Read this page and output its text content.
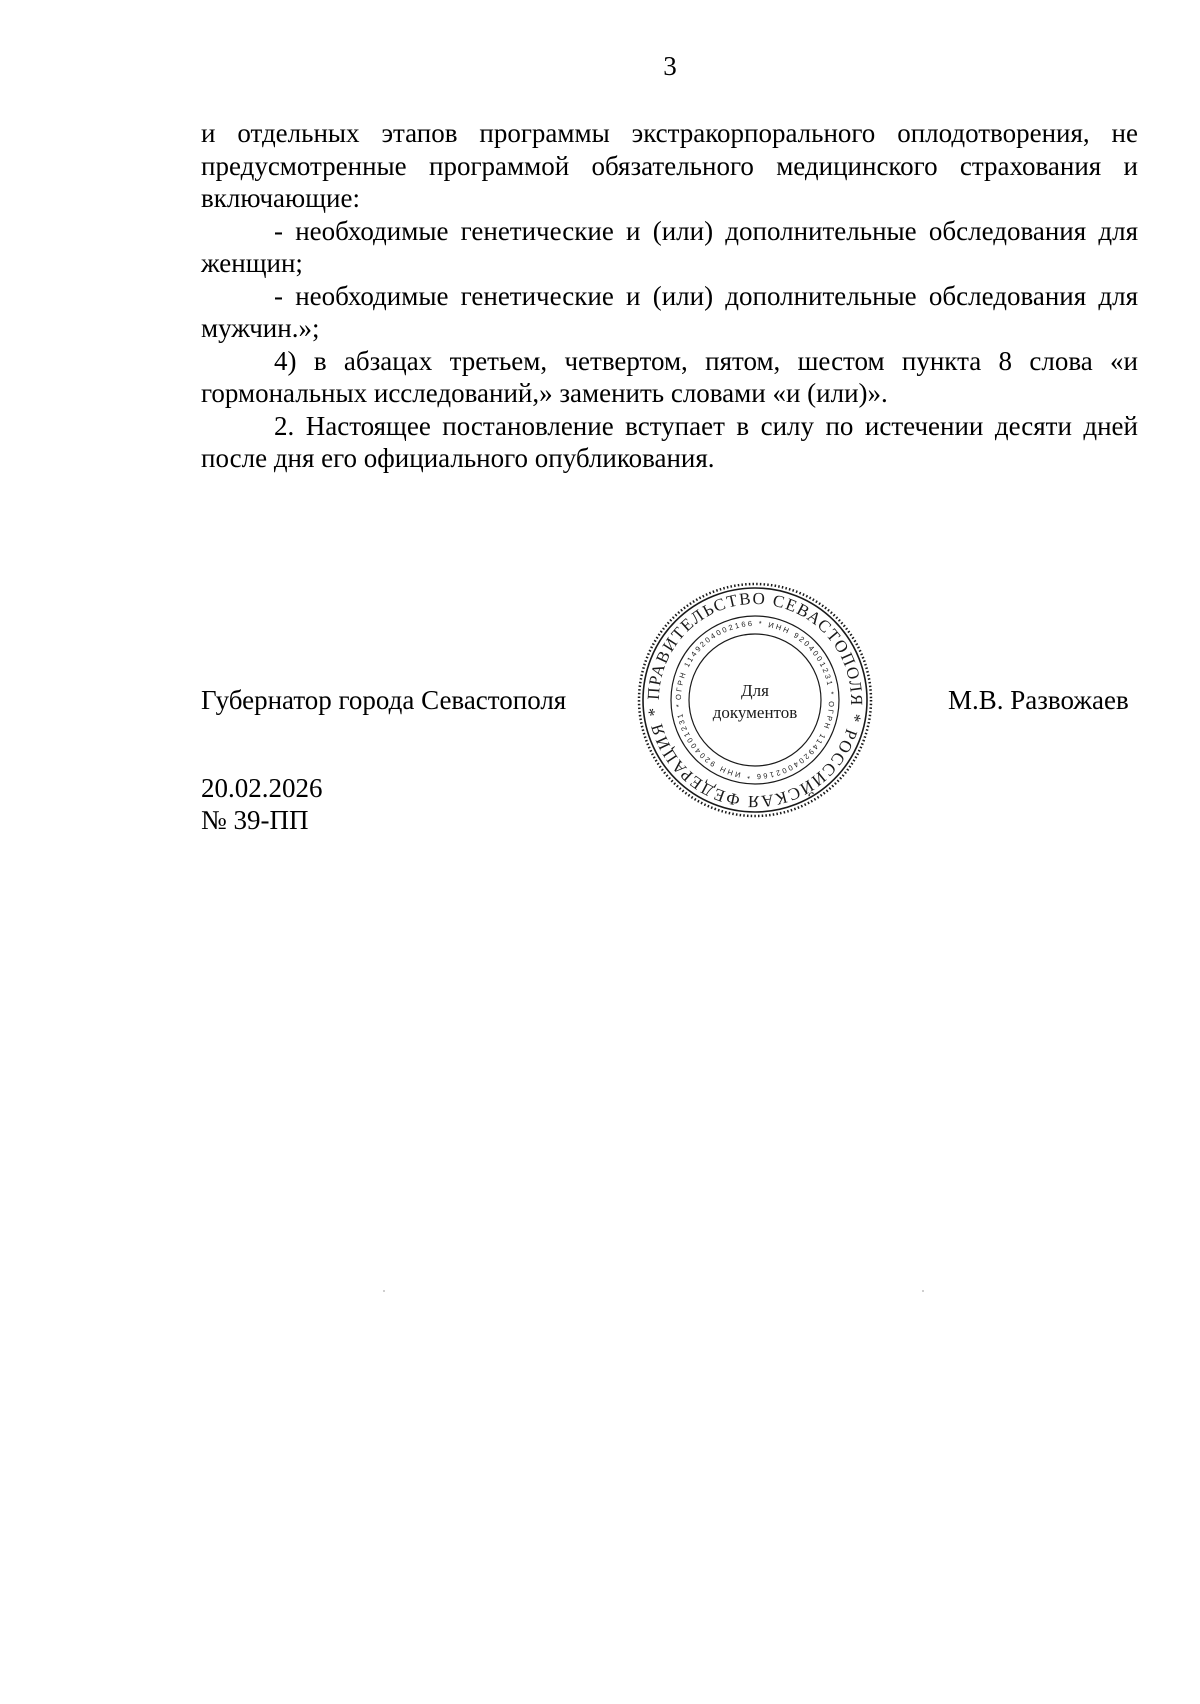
3

и отдельных этапов программы экстракорпорального оплодотворения, не предусмотренные программой обязательного медицинского страхования и включающие:

- необходимые генетические и (или) дополнительные обследования для женщин;

- необходимые генетические и (или) дополнительные обследования для мужчин.»;

4) в абзацах третьем, четвертом, пятом, шестом пункта 8 слова «и гормональных исследований,» заменить словами «и (или)».

2. Настоящее постановление вступает в силу по истечении десяти дней после дня его официального опубликования.

Губернатор города Севастополя	М.В. Развожаев
ПРАВИТЕЛЬСТВО СЕВАСТОПОЛЯ * РОССИЙСКАЯ ФЕДЕРАЦИЯ *
ОГРН 1149204002166 * ИНН 9204001231 * ОГРН 1149204002166 * ИНН 9204001231 *
Для
документов
20.02.2026
№ 39-ПП
